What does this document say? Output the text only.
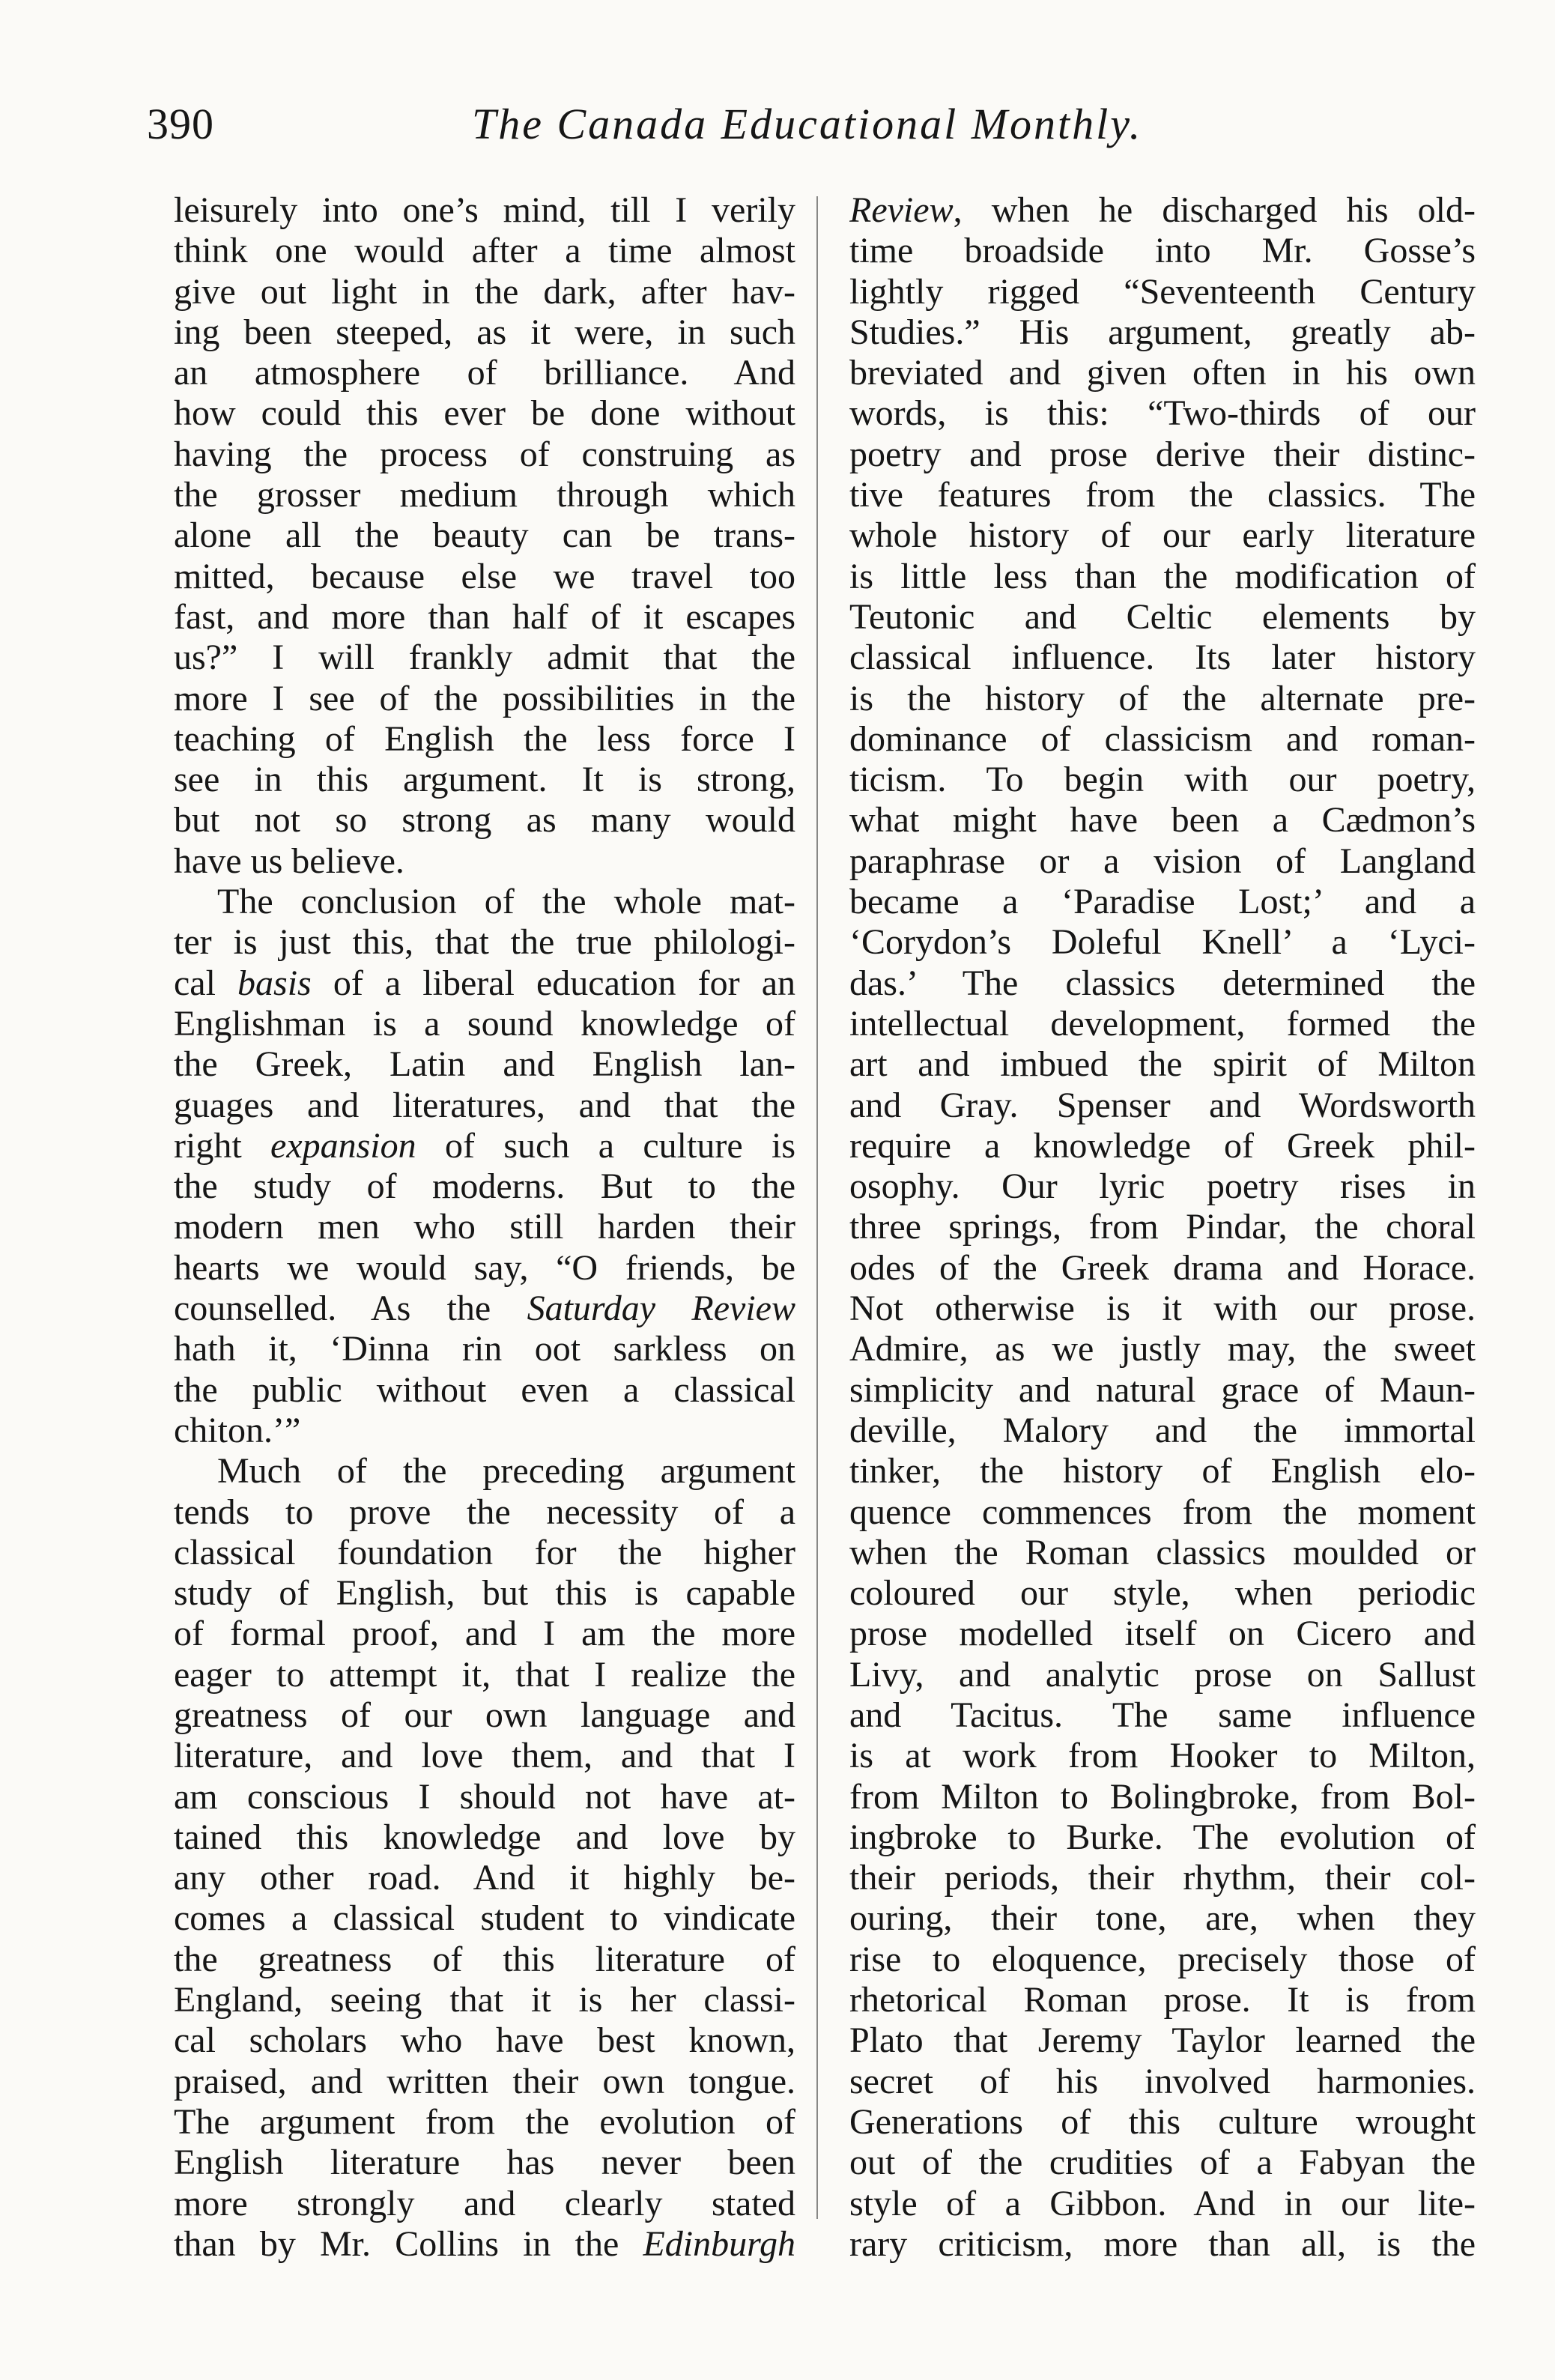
390	The Canada Educational Monthly.
leisurely into one’s mind, till I verily
think one would after a time almost
give out light in the dark, after hav-
ing been steeped, as it were, in such
an atmosphere of brilliance. And
how could this ever be done without
having the process of construing as
the grosser medium through which
alone all the beauty can be trans-
mitted, because else we travel too
fast, and more than half of it escapes
us?” I will frankly admit that the
more I see of the possibilities in the
teaching of English the less force I
see in this argument. It is strong,
but not so strong as many would
have us believe.
The conclusion of the whole mat-
ter is just this, that the true philologi-
cal basis of a liberal education for an
Englishman is a sound knowledge of
the Greek, Latin and English lan-
guages and literatures, and that the
right expansion of such a culture is
the study of moderns. But to the
modern men who still harden their
hearts we would say, “O friends, be
counselled. As the Saturday Review
hath it, ‘Dinna rin oot sarkless on
the public without even a classical
chiton.’”
Much of the preceding argument
tends to prove the necessity of a
classical foundation for the higher
study of English, but this is capable
of formal proof, and I am the more
eager to attempt it, that I realize the
greatness of our own language and
literature, and love them, and that I
am conscious I should not have at-
tained this knowledge and love by
any other road. And it highly be-
comes a classical student to vindicate
the greatness of this literature of
England, seeing that it is her classi-
cal scholars who have best known,
praised, and written their own tongue.
The argument from the evolution of
English literature has never been
more strongly and clearly stated
than by Mr. Collins in the Edinburgh
Review, when he discharged his old-
time broadside into Mr. Gosse’s
lightly rigged “Seventeenth Century
Studies.” His argument, greatly ab-
breviated and given often in his own
words, is this: “Two-thirds of our
poetry and prose derive their distinc-
tive features from the classics. The
whole history of our early literature
is little less than the modification of
Teutonic and Celtic elements by
classical influence. Its later history
is the history of the alternate pre-
dominance of classicism and roman-
ticism. To begin with our poetry,
what might have been a Cædmon’s
paraphrase or a vision of Langland
became a ‘Paradise Lost;’ and a
‘Corydon’s Doleful Knell’ a ‘Lyci-
das.’ The classics determined the
intellectual development, formed the
art and imbued the spirit of Milton
and Gray. Spenser and Wordsworth
require a knowledge of Greek phil-
osophy. Our lyric poetry rises in
three springs, from Pindar, the choral
odes of the Greek drama and Horace.
Not otherwise is it with our prose.
Admire, as we justly may, the sweet
simplicity and natural grace of Maun-
deville, Malory and the immortal
tinker, the history of English elo-
quence commences from the moment
when the Roman classics moulded or
coloured our style, when periodic
prose modelled itself on Cicero and
Livy, and analytic prose on Sallust
and Tacitus. The same influence
is at work from Hooker to Milton,
from Milton to Bolingbroke, from Bol-
ingbroke to Burke. The evolution of
their periods, their rhythm, their col-
ouring, their tone, are, when they
rise to eloquence, precisely those of
rhetorical Roman prose. It is from
Plato that Jeremy Taylor learned the
secret of his involved harmonies.
Generations of this culture wrought
out of the crudities of a Fabyan the
style of a Gibbon. And in our lite-
rary criticism, more than all, is the
